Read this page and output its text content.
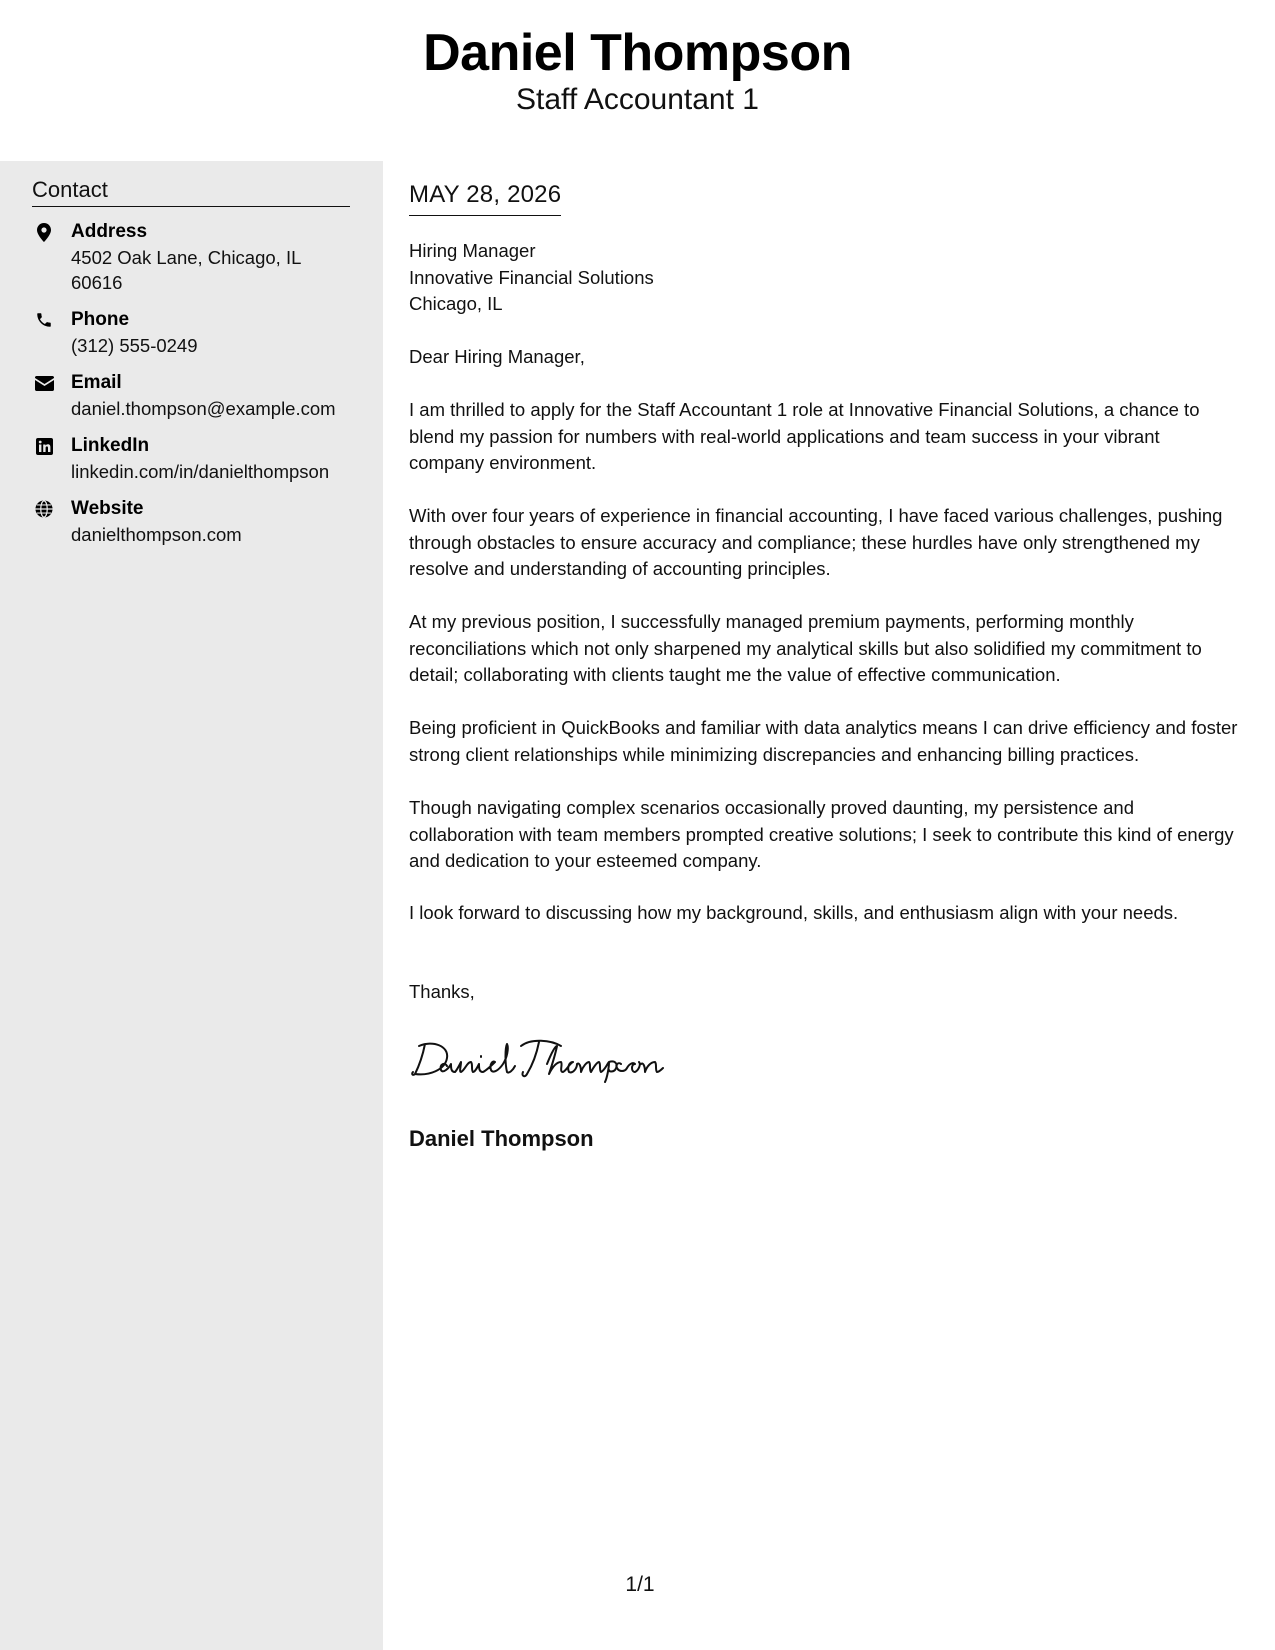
Daniel Thompson
Staff Accountant 1
Contact
Address
4502 Oak Lane, Chicago, IL 60616
Phone
(312) 555-0249
Email
daniel.thompson@example.com
LinkedIn
linkedin.com/in/danielthompson
Website
danielthompson.com
MAY 28, 2026
Hiring Manager
Innovative Financial Solutions
Chicago, IL

Dear Hiring Manager,

I am thrilled to apply for the Staff Accountant 1 role at Innovative Financial Solutions, a chance to blend my passion for numbers with real-world applications and team success in your vibrant company environment.

With over four years of experience in financial accounting, I have faced various challenges, pushing through obstacles to ensure accuracy and compliance; these hurdles have only strengthened my resolve and understanding of accounting principles.

At my previous position, I successfully managed premium payments, performing monthly reconciliations which not only sharpened my analytical skills but also solidified my commitment to detail; collaborating with clients taught me the value of effective communication.

Being proficient in QuickBooks and familiar with data analytics means I can drive efficiency and foster strong client relationships while minimizing discrepancies and enhancing billing practices.

Though navigating complex scenarios occasionally proved daunting, my persistence and collaboration with team members prompted creative solutions; I seek to contribute this kind of energy and dedication to your esteemed company.

I look forward to discussing how my background, skills, and enthusiasm align with your needs.

Thanks,

Daniel Thompson
1/1
